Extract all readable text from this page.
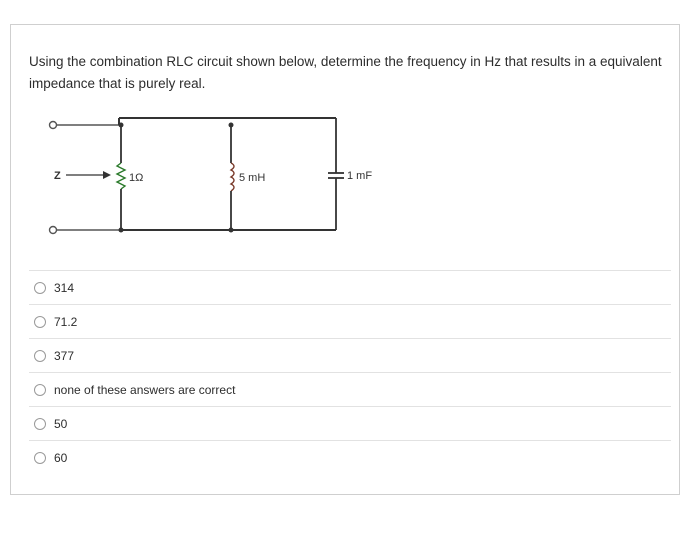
Using the combination RLC circuit shown below, determine the frequency in Hz that results in a equivalent impedance that is purely real.
1Ω	5 mH	1 mF
Z
314
71.2
377
none of these answers are correct
50
60
